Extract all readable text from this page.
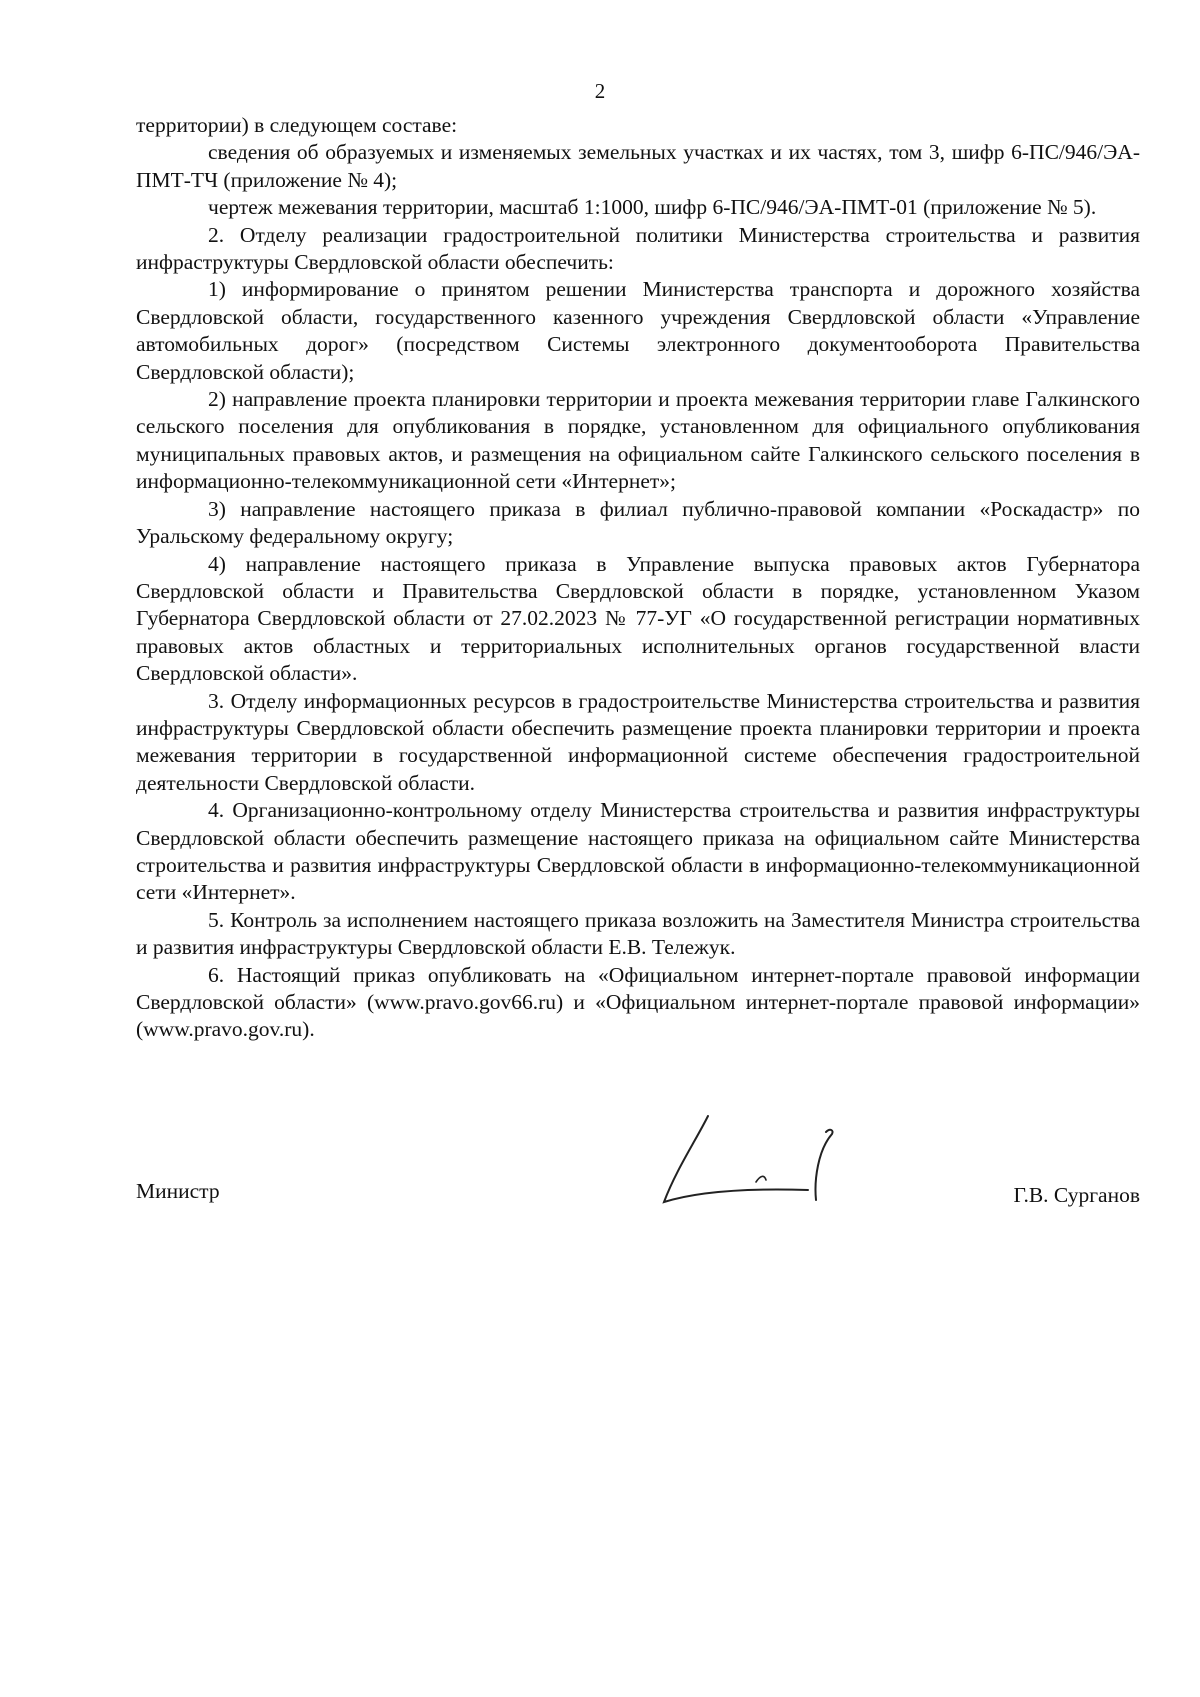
2

территории) в следующем составе:

сведения об образуемых и изменяемых земельных участках и их частях, том 3, шифр 6-ПС/946/ЭА-ПМТ-ТЧ (приложение № 4);

чертеж межевания территории, масштаб 1:1000, шифр 6-ПС/946/ЭА-ПМТ-01 (приложение № 5).

2. Отделу реализации градостроительной политики Министерства строительства и развития инфраструктуры Свердловской области обеспечить:

1) информирование о принятом решении Министерства транспорта и дорожного хозяйства Свердловской области, государственного казенного учреждения Свердловской области «Управление автомобильных дорог» (посредством Системы электронного документооборота Правительства Свердловской области);

2) направление проекта планировки территории и проекта межевания территории главе Галкинского сельского поселения для опубликования в порядке, установленном для официального опубликования муниципальных правовых актов, и размещения на официальном сайте Галкинского сельского поселения в информационно-телекоммуникационной сети «Интернет»;

3) направление настоящего приказа в филиал публично-правовой компании «Роскадастр» по Уральскому федеральному округу;

4) направление настоящего приказа в Управление выпуска правовых актов Губернатора Свердловской области и Правительства Свердловской области в порядке, установленном Указом Губернатора Свердловской области от 27.02.2023 № 77-УГ «О государственной регистрации нормативных правовых актов областных и территориальных исполнительных органов государственной власти Свердловской области».

3. Отделу информационных ресурсов в градостроительстве Министерства строительства и развития инфраструктуры Свердловской области обеспечить размещение проекта планировки территории и проекта межевания территории в государственной информационной системе обеспечения градостроительной деятельности Свердловской области.

4. Организационно-контрольному отделу Министерства строительства и развития инфраструктуры Свердловской области обеспечить размещение настоящего приказа на официальном сайте Министерства строительства и развития инфраструктуры Свердловской области в информационно-телекоммуникационной сети «Интернет».

5. Контроль за исполнением настоящего приказа возложить на Заместителя Министра строительства и развития инфраструктуры Свердловской области Е.В. Тележук.

6. Настоящий приказ опубликовать на «Официальном интернет-портале правовой информации Свердловской области» (www.pravo.gov66.ru) и «Официальном интернет-портале правовой информации» (www.pravo.gov.ru).

Министр	Г.В. Сурганов
